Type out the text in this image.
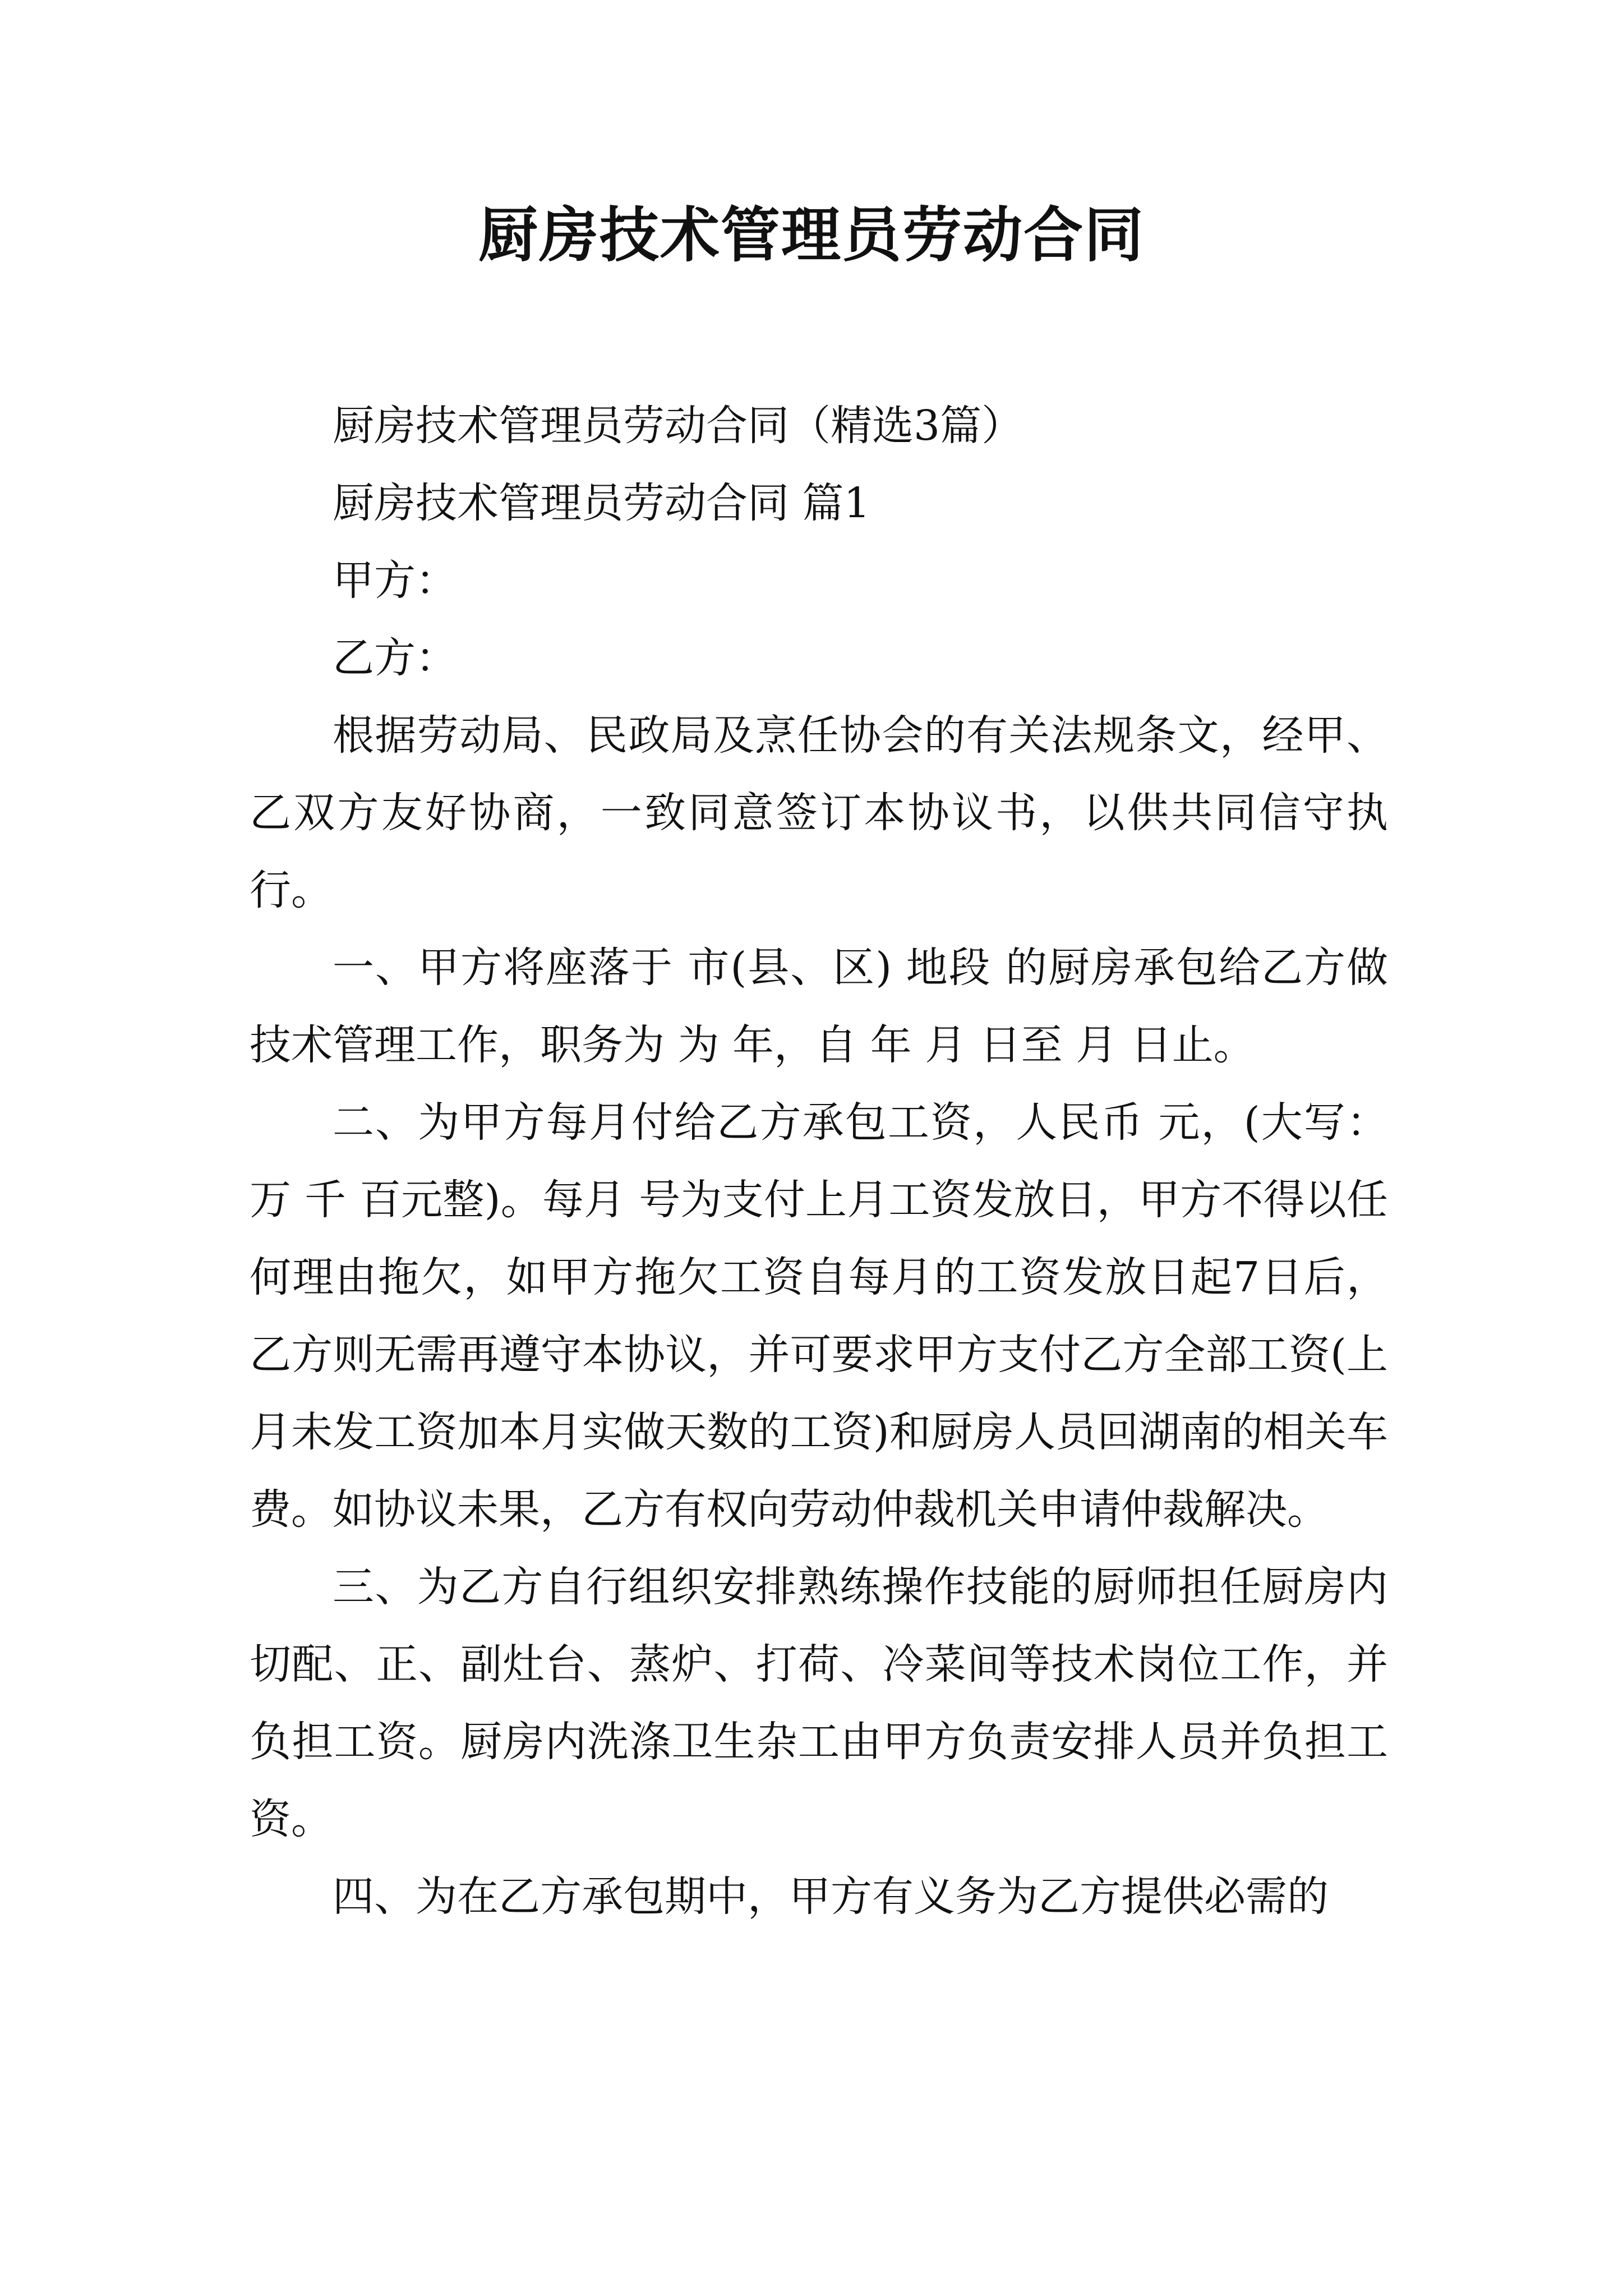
厨房技术管理员劳动合同

厨房技术管理员劳动合同（精选3篇）

厨房技术管理员劳动合同 篇1

甲方：

乙方：

根据劳动局、民政局及烹任协会的有关法规条文，经甲、乙双方友好协商，一致同意签订本协议书，以供共同信守执行。

一、甲方将座落于 市(县、区) 地段 的厨房承包给乙方做技术管理工作，职务为 为 年，自 年 月 日至 月 日止。

二、为甲方每月付给乙方承包工资，人民币 元，(大写：万 千 百元整)。每月 号为支付上月工资发放日，甲方不得以任何理由拖欠，如甲方拖欠工资自每月的工资发放日起7日后，乙方则无需再遵守本协议，并可要求甲方支付乙方全部工资(上月未发工资加本月实做天数的工资)和厨房人员回湖南的相关车费。如协议未果，乙方有权向劳动仲裁机关申请仲裁解决。

三、为乙方自行组织安排熟练操作技能的厨师担任厨房内切配、正、副灶台、蒸炉、打荷、冷菜间等技术岗位工作，并负担工资。厨房内洗涤卫生杂工由甲方负责安排人员并负担工资。

四、为在乙方承包期中，甲方有义务为乙方提供必需的
